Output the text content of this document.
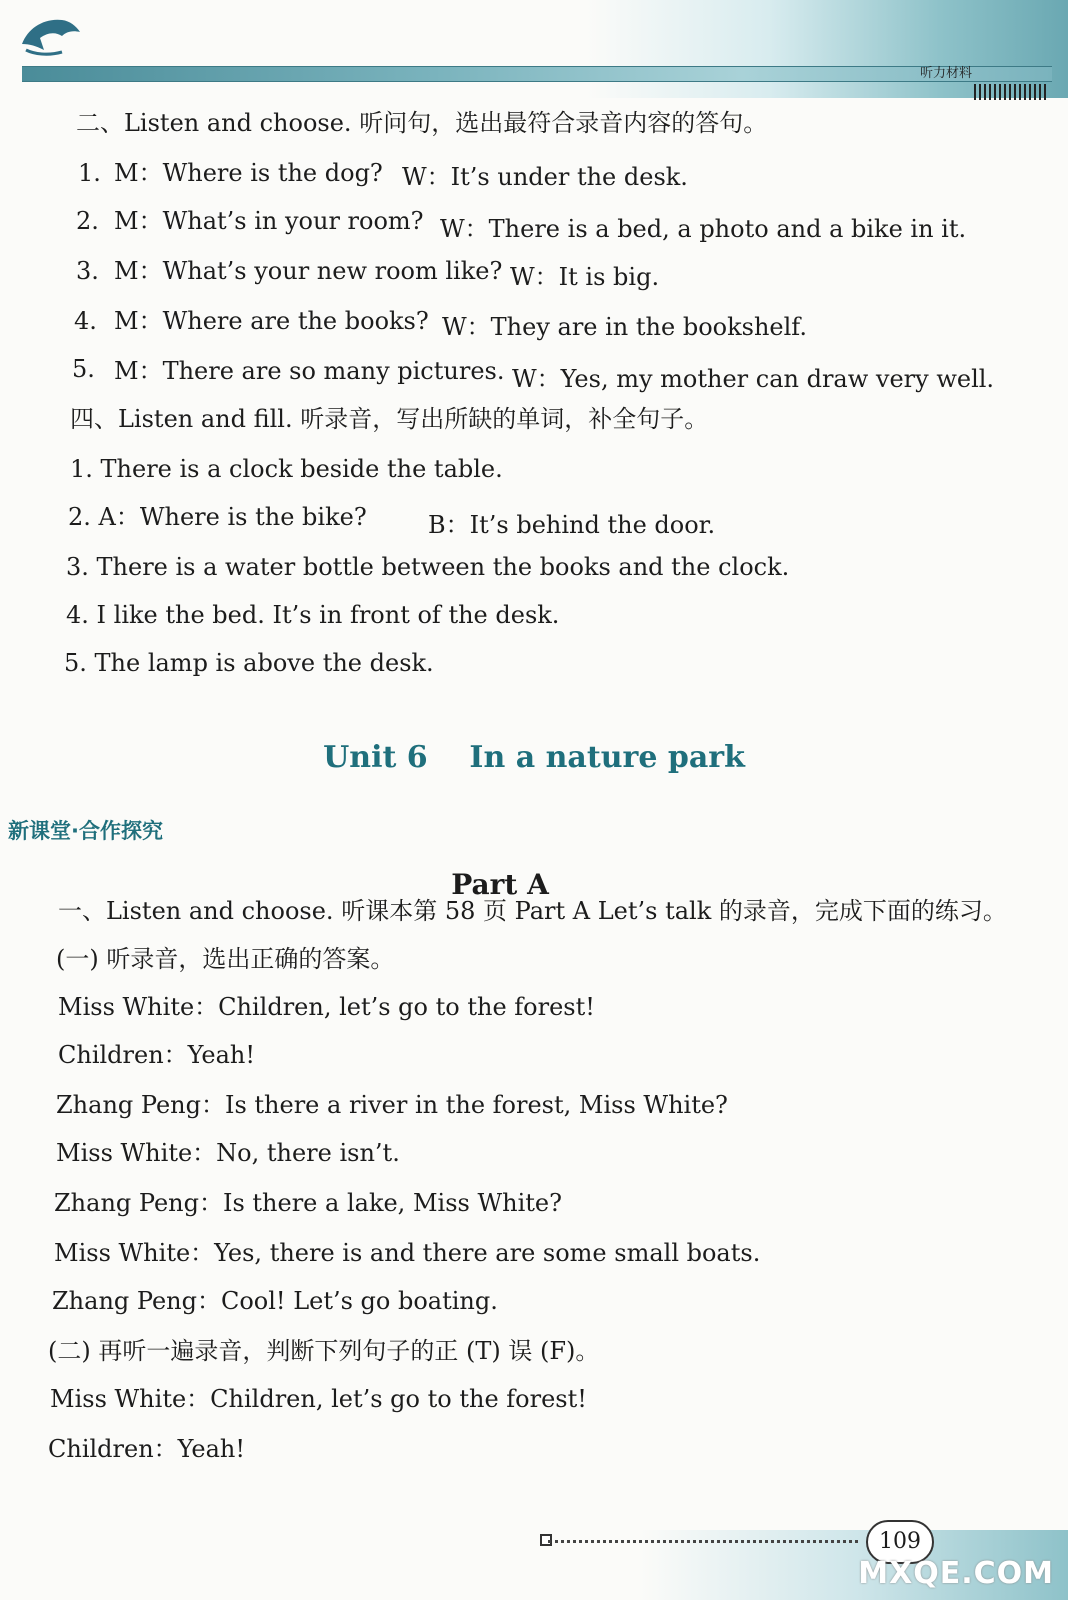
听力材料
二、Listen and choose. 听问句，选出最符合录音内容的答句。
1. M：Where is the dog? W：It’s under the desk.
2. M：What’s in your room? W：There is a bed, a photo and a bike in it.
3. M：What’s your new room like? W：It is big.
4. M：Where are the books? W：They are in the bookshelf.
5. M：There are so many pictures. W：Yes, my mother can draw very well.
四、Listen and fill. 听录音，写出所缺的单词，补全句子。
1. There is a clock beside the table.
2. A：Where is the bike?	B：It’s behind the door.
3. There is a water bottle between the books and the clock.
4. I like the bed. It’s in front of the desk.
5. The lamp is above the desk.
Unit 6    In a nature park
新课堂·合作探究
Part A
一、Listen and choose. 听课本第 58 页 Part A Let’s talk 的录音，完成下面的练习。
(一) 听录音，选出正确的答案。
Miss White：Children, let’s go to the forest!
Children：Yeah!
Zhang Peng：Is there a river in the forest, Miss White?
Miss White：No, there isn’t.
Zhang Peng：Is there a lake, Miss White?
Miss White：Yes, there is and there are some small boats.
Zhang Peng：Cool! Let’s go boating.
(二) 再听一遍录音，判断下列句子的正 (T) 误 (F)。
Miss White：Children, let’s go to the forest!
Children：Yeah!
109
MXQE.COM
